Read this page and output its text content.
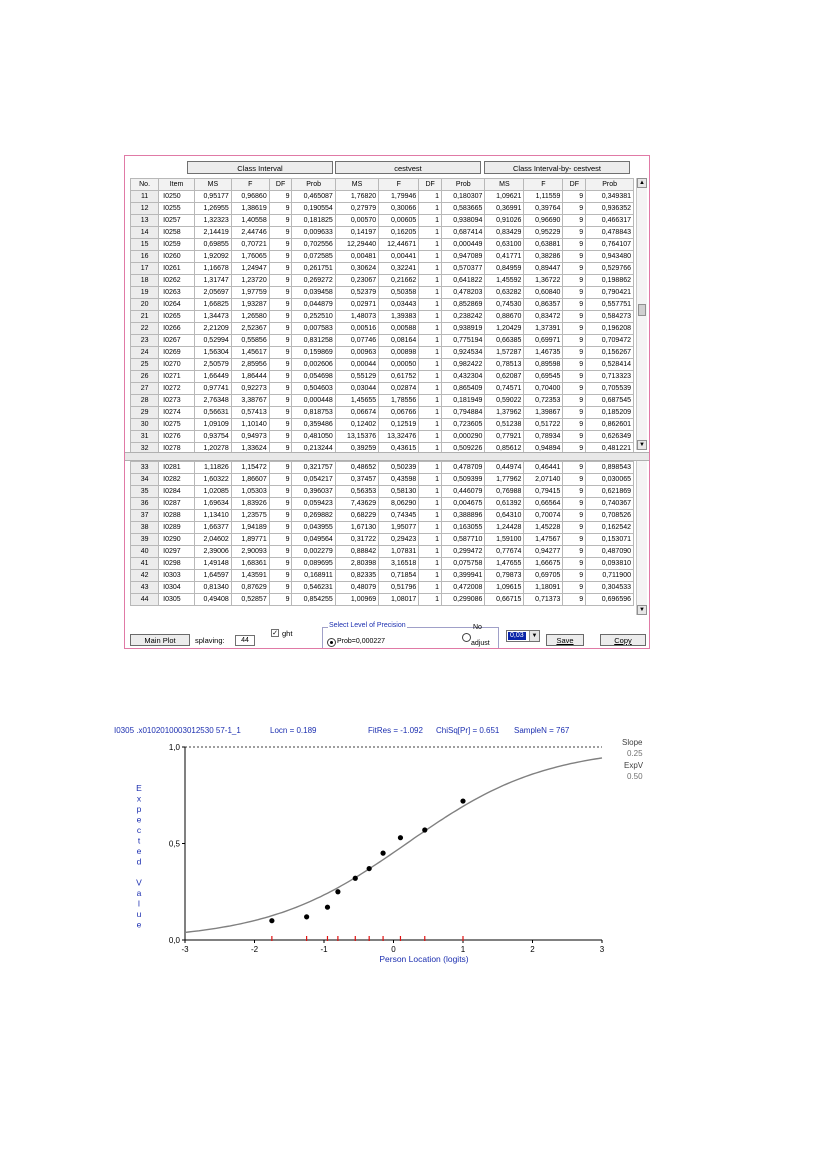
Class Interval	cestvest	Class Interval-by- cestvest
No.	Item	MS	F	DF	Prob	MS	F	DF	Prob	MS	F	DF	Prob
11	I0250	0,95177	0,96860	9	0,465087	1,76820	1,79946	1	0,180307	1,09621	1,11559	9	0,349381
12	I0255	1,26955	1,38619	9	0,190554	0,27979	0,30066	1	0,583665	0,36991	0,39764	9	0,936352
13	I0257	1,32323	1,40558	9	0,181825	0,00570	0,00605	1	0,938094	0,91026	0,96690	9	0,466317
14	I0258	2,14419	2,44746	9	0,009633	0,14197	0,16205	1	0,687414	0,83429	0,95229	9	0,478843
15	I0259	0,69855	0,70721	9	0,702556	12,29440	12,44671	1	0,000449	0,63100	0,63881	9	0,764107
16	I0260	1,92092	1,76065	9	0,072585	0,00481	0,00441	1	0,947089	0,41771	0,38286	9	0,943480
17	I0261	1,16678	1,24947	9	0,261751	0,30624	0,32241	1	0,570377	0,84959	0,89447	9	0,529766
18	I0262	1,31747	1,23720	9	0,269272	0,23067	0,21662	1	0,641822	1,45592	1,36722	9	0,198862
19	I0263	2,05697	1,97759	9	0,039458	0,52379	0,50358	1	0,478203	0,63282	0,60840	9	0,790421
20	I0264	1,66825	1,93287	9	0,044879	0,02971	0,03443	1	0,852869	0,74530	0,86357	9	0,557751
21	I0265	1,34473	1,26580	9	0,252510	1,48073	1,39383	1	0,238242	0,88670	0,83472	9	0,584273
22	I0266	2,21209	2,52367	9	0,007583	0,00516	0,00588	1	0,938919	1,20429	1,37391	9	0,196208
23	I0267	0,52994	0,55856	9	0,831258	0,07746	0,08164	1	0,775194	0,66385	0,69971	9	0,709472
24	I0269	1,56304	1,45617	9	0,159869	0,00963	0,00898	1	0,924534	1,57287	1,46735	9	0,156267
25	I0270	2,50579	2,85956	9	0,002606	0,00044	0,00050	1	0,982422	0,78513	0,89598	9	0,528414
26	I0271	1,66449	1,86444	9	0,054698	0,55129	0,61752	1	0,432304	0,62087	0,69545	9	0,713323
27	I0272	0,97741	0,92273	9	0,504603	0,03044	0,02874	1	0,865409	0,74571	0,70400	9	0,705539
28	I0273	2,76348	3,38767	9	0,000448	1,45655	1,78556	1	0,181949	0,59022	0,72353	9	0,687545
29	I0274	0,56631	0,57413	9	0,818753	0,06674	0,06766	1	0,794884	1,37962	1,39867	9	0,185209
30	I0275	1,09109	1,10140	9	0,359486	0,12402	0,12519	1	0,723605	0,51238	0,51722	9	0,862601
31	I0276	0,93754	0,94973	9	0,481050	13,15376	13,32476	1	0,000290	0,77921	0,78934	9	0,626349
32	I0278	1,20278	1,33624	9	0,213244	0,39259	0,43615	1	0,509226	0,85612	0,94894	9	0,481221
▲
▼
33	I0281	1,11826	1,15472	9	0,321757	0,48652	0,50239	1	0,478709	0,44974	0,46441	9	0,898543
34	I0282	1,60322	1,86607	9	0,054217	0,37457	0,43598	1	0,509399	1,77962	2,07140	9	0,030065
35	I0284	1,02085	1,05303	9	0,396037	0,56353	0,58130	1	0,446079	0,76988	0,79415	9	0,621869
36	I0287	1,69634	1,83926	9	0,059423	7,43629	8,06290	1	0,004675	0,61392	0,66564	9	0,740367
37	I0288	1,13410	1,23575	9	0,269882	0,68229	0,74345	1	0,388896	0,64310	0,70074	9	0,708526
38	I0289	1,66377	1,94189	9	0,043955	1,67130	1,95077	1	0,163055	1,24428	1,45228	9	0,162542
39	I0290	2,04602	1,89771	9	0,049564	0,31722	0,29423	1	0,587710	1,59100	1,47567	9	0,153071
40	I0297	2,39006	2,90093	9	0,002279	0,88842	1,07831	1	0,299472	0,77674	0,94277	9	0,487090
41	I0298	1,49148	1,68361	9	0,089695	2,80398	3,16518	1	0,075758	1,47655	1,66675	9	0,093810
42	I0303	1,64597	1,43591	9	0,168911	0,82335	0,71854	1	0,399941	0,79873	0,69705	9	0,711900
43	I0304	0,81340	0,87629	9	0,546231	0,48079	0,51796	1	0,472008	1,09615	1,18091	9	0,304533
44	I0305	0,49408	0,52857	9	0,854255	1,00969	1,08017	1	0,299086	0,66715	0,71373	9	0,696596
▼
Main Plot	splaving:	44
✓ ght
Select Level of Precision
Prob=0,000227
No
adjust
0,03	▼	Save	Copy
I0305 .x0102010003012530 57-1_1	Locn = 0.189	FitRes = -1.092 ChiSq[Pr] = 0.651 SampleN = 767
Slope
0.25
ExpV
0.50
E
x
p
e
c
t
e
d
V
a
l
u
e
1,0
0,5
0,0
-3	-2	-1	0	1	2	3
Person Location (logits)
